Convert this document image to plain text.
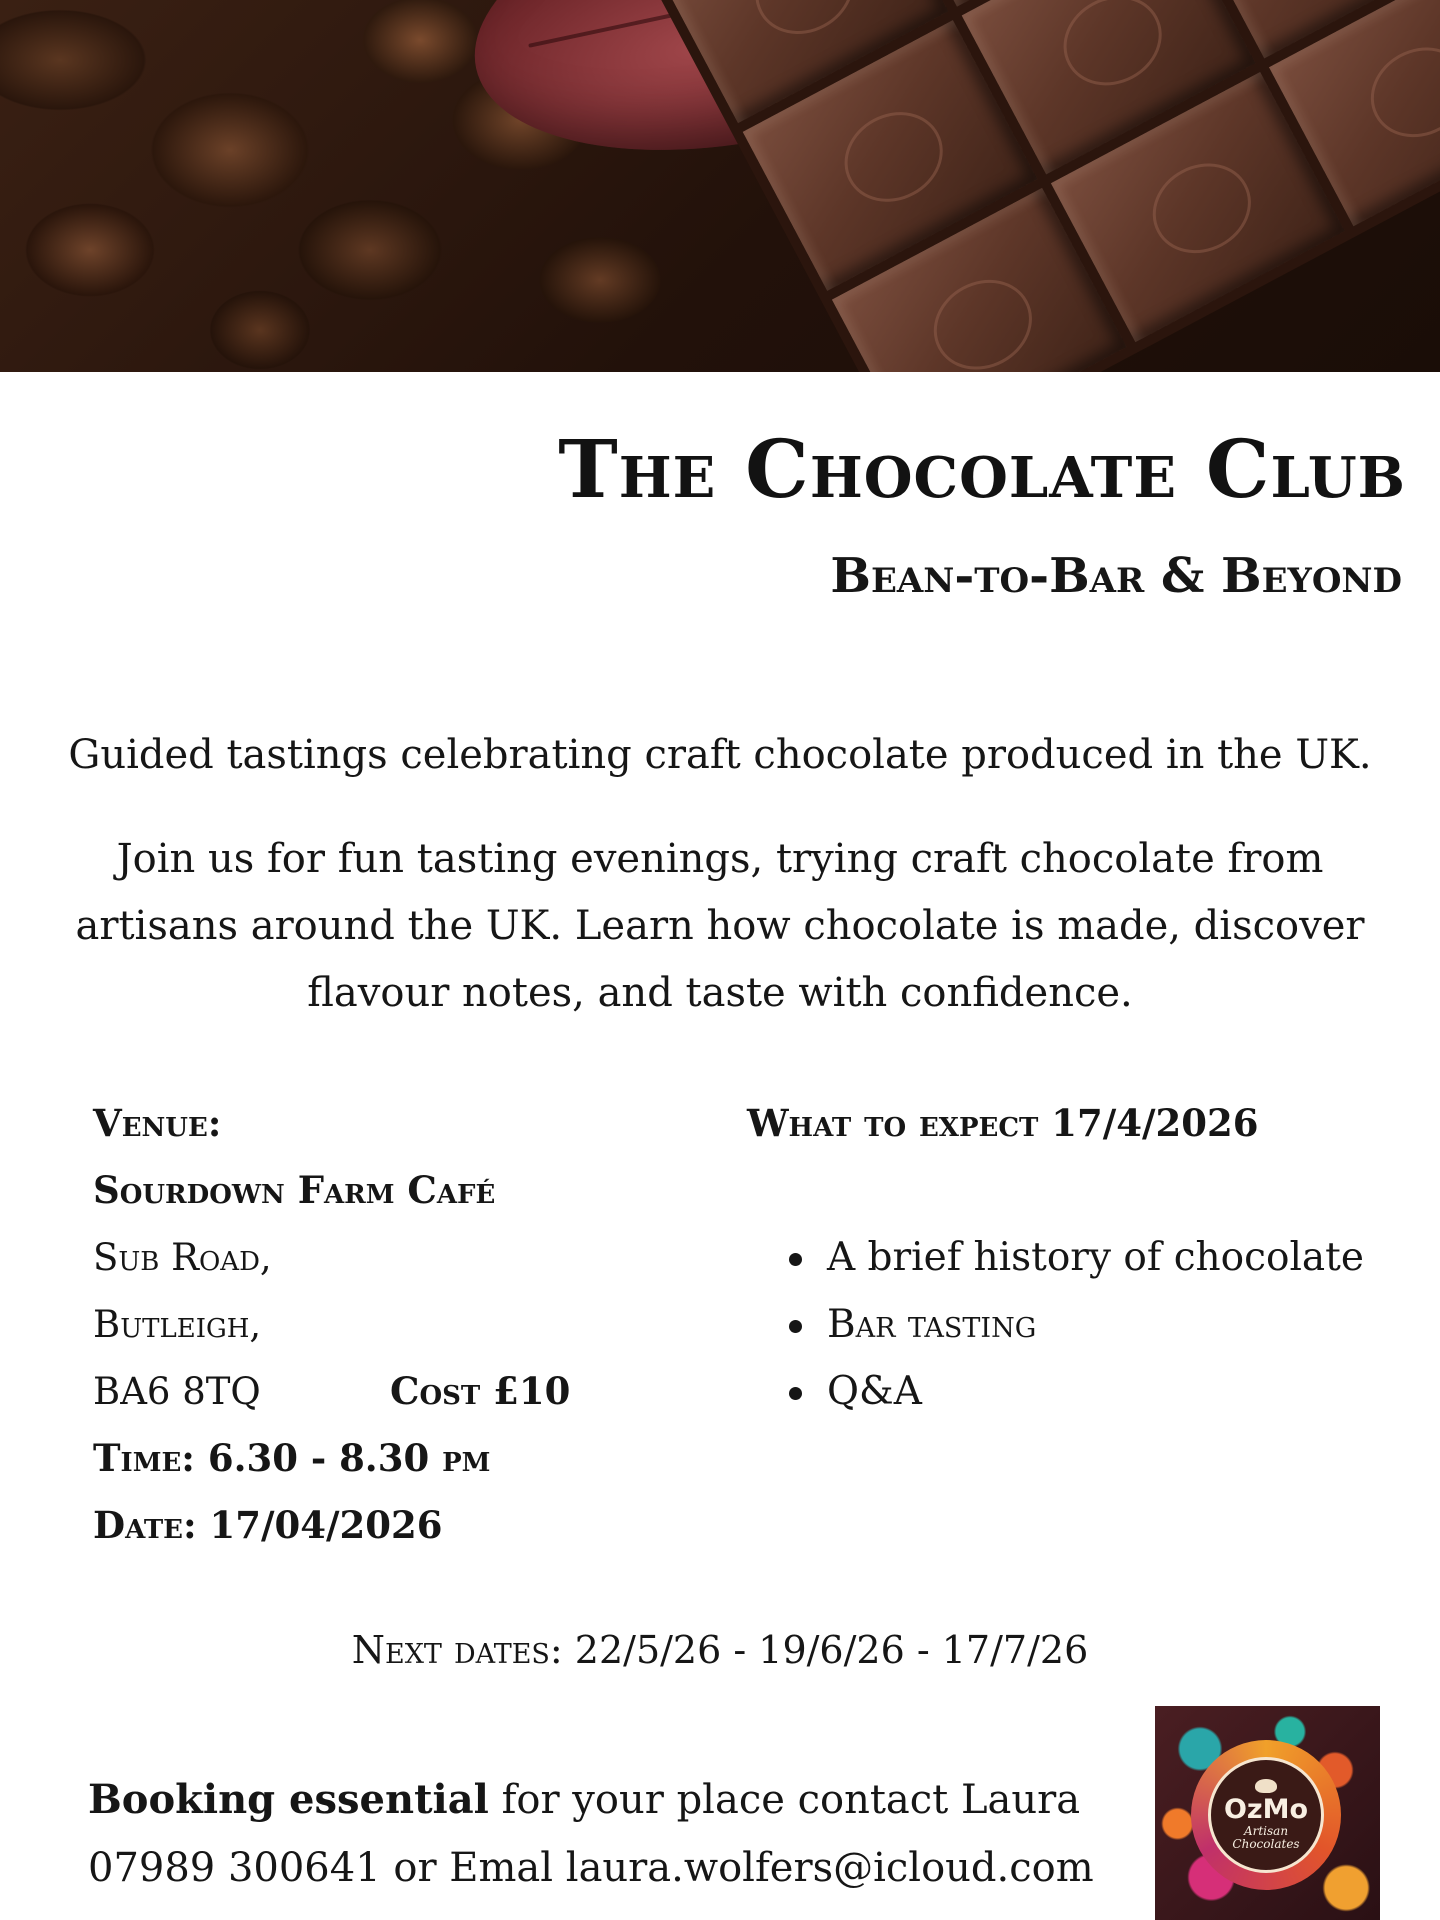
The Chocolate Club
Bean-to-Bar & Beyond

Guided tastings celebrating craft chocolate produced in the UK.

Join us for fun tasting evenings, trying craft chocolate from artisans around the UK. Learn how chocolate is made, discover flavour notes, and taste with confidence.

Venue:
Sourdown Farm Café
Sub Road,
Butleigh,
BA6 8TQ	Cost £10
Time: 6.30 - 8.30 pm
Date: 17/04/2026
What to expect 17/4/2026
A brief history of chocolate
Bar tasting
Q&A

Next dates: 22/5/26 - 19/6/26 - 17/7/26

Booking essential for your place contact Laura 07989 300641 or Emal laura.wolfers@icloud.com

OzMo
Artisan
Chocolates
